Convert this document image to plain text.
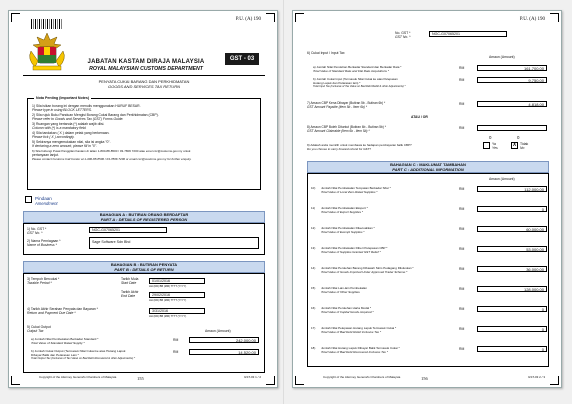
P.U. (A) 190
JABATAN KASTAM DIRAJA MALAYSIA
ROYAL MALAYSIAN CUSTOMS DEPARTMENT
GST - 03
PENYATA CUKAI BARANG DAN PERKHIDMATAN
GOODS AND SERVICES TAX RETURN
Nota Penting (Important Notes)
1) Sila isikan borang ini dengan menulis menggunakan HURUF BESAR.
Please type in using BLOCK LETTERS.
2) Sila rujuk Buku Panduan Mengisi Borang Cukai Barang dan Perkhidmatan (CBP).
Please refer to Goods and Services Tax (GST) Forms Guide.
3) Ruangan yang bertanda (*) adalah wajib diisi.
Column with (*) is a mandatory field.
4) Sila tandakan ( X ) dalam petak yang berkenaan.
Please tick ( X ) accordingly.
5) Sekiranya mengemukakan nilai, sila isi angka "0".
If declaring a zero amount, please fill in "0".
6) Sila hubungi Pusat Panggilan Kastam di talian 1-800-88-8500 / 03-7806 7200 atau emel ccc@customs.gov.my untuk
pertanyaan lanjut.
Please contact Customs Call Center at 1-300-88-8500 / 03-7806 7200 or email ccc@customs.gov.my for further enquiry.
Pindaan
Amendment
BAHAGIAN A : BUTIRAN ORANG BERDAFTAR
PART A : DETAILS OF REGISTERED PERSON
1) No. GST *
GST No. *
NGC-G07065201
2) Nama Perniagaan *
Name of Business *
Sage Software Sdn Bhd
BAHAGIAN B : BUTIRAN PENYATA
PART B : DETAILS OF RETURN
3) Tempoh Bercukai *
Taxable Period *
Tarikh Mula
Start Date	01/01/2016
HH (DD) BB (MM) TTTT (YYYY)
Tarikh Akhir
End Date	29/02/2016
HH (DD) BB (MM) TTTT (YYYY)
4) Tarikh Akhir Serahan Penyata dan Bayaran *
Return and Payment Due Date *	3/31/2016
HH (DD) BB (MM) TTTT (YYYY)
5) Cukai Output
Output Tax	Amaun (Amount)
a) Jumlah Nilai Pembekalan Berkadar Standard *
Total Value of Standard Rated Supply *
RM	242,000.00
b) Jumlah Cukai Output (Termasuk Nilai Cukai ke atas Hutang Lapuk
Dibayar Balik dan Pelarasan Lain *
Total Output Tax (Inclusive of Tax Value on Bad Debt Recovered & other Adjustments) *
RM	14,520.00
Copyright of the Attorney General's Chambers of Malaysia	155	GST-03 1 / 2
P.U. (A) 190
No. GST *
GST No. *
NGC-G07065201
6) Cukai Input / Input Tax
Amaun (Amount)
a) Jumlah Nilai Perolehan Berkadar Standard dan Berkadar Rata *
Total Value of Standard Rate and Flat Rate Acquisitions *
RM	161,700.00
b) Jumlah Cukai Input (Termasuk Nilai Cukai ke atas Pelepasan
Hutang Lapuk dan Pelarasan lain) *
Total Input Tax (Inclusive of Tax Value on Bad Debt Relief & other Adjustments) *
RM	9,750.00
7) Amaun CBP Kena Dibayar (Butiran 5b - Butiran 6b) *
GST Amount Payable (Item 5b - Item 6b) *
RM	4,818.00
ATAU / OR
8) Amaun CBP Boleh Dituntut (Butiran 6b - Butiran 5b) *
GST Amount Claimable (Item 6b - Item 5b) *
RM
9) Adakah anda memilih untuk membawa ke hadapan pembayaran balik CBP?
Do you choose to carry forward refund for GST?
0	0
Ya
Yes	X	Tidak
No
BAHAGIAN C : MAKLUMAT TAMBAHAN
PART C : ADDITIONAL INFORMATION
Amaun (Amount)
10) Jumlah Nilai Pembekalan Tempatan Berkadar Sifar *
Total Value of Local Zero-Rated Supplies *
RM	112,000.00
11) Jumlah Nilai Pembekalan Eksport *
Total Value of Export Supplies *
RM	0
12) Jumlah Nilai Pembekalan Dikecualikan *
Total Value of Exempt Supplies *
RM	60,000.00
13) Jumlah Nilai Pembekalan Diberi Pelepasan CBP *
Total Value of Supplies Granted GST Relief *
RM	53,000.00
14) Jumlah Nilai Perolehan Barang Dibawah Skim Pedagang Diluluskan *
Total Value of Goods Imported Under Approved Trader Scheme *
RM	36,000.00
15) Jumlah Nilai Lain-lain Pembekalan
Total Value of Other Supplies
RM	128,000.00
16) Jumlah Nilai Perolehan Harta Modal *
Total Value of Capital Goods Acquired *
RM	0
17) Jumlah Nilai Pelepasan Hutang Lapuk Termasuk Cukai *
Total Value of Bad Debt Relief Inclusive Tax *
RM	0
18) Jumlah Nilai Hutang Lapuk Dibayar Balik Termasuk Cukai *
Total Value of Bad Debt Recovered Inclusive Tax *
RM	0
Copyright of the Attorney General's Chambers of Malaysia	156	GST-03 2 / 3
